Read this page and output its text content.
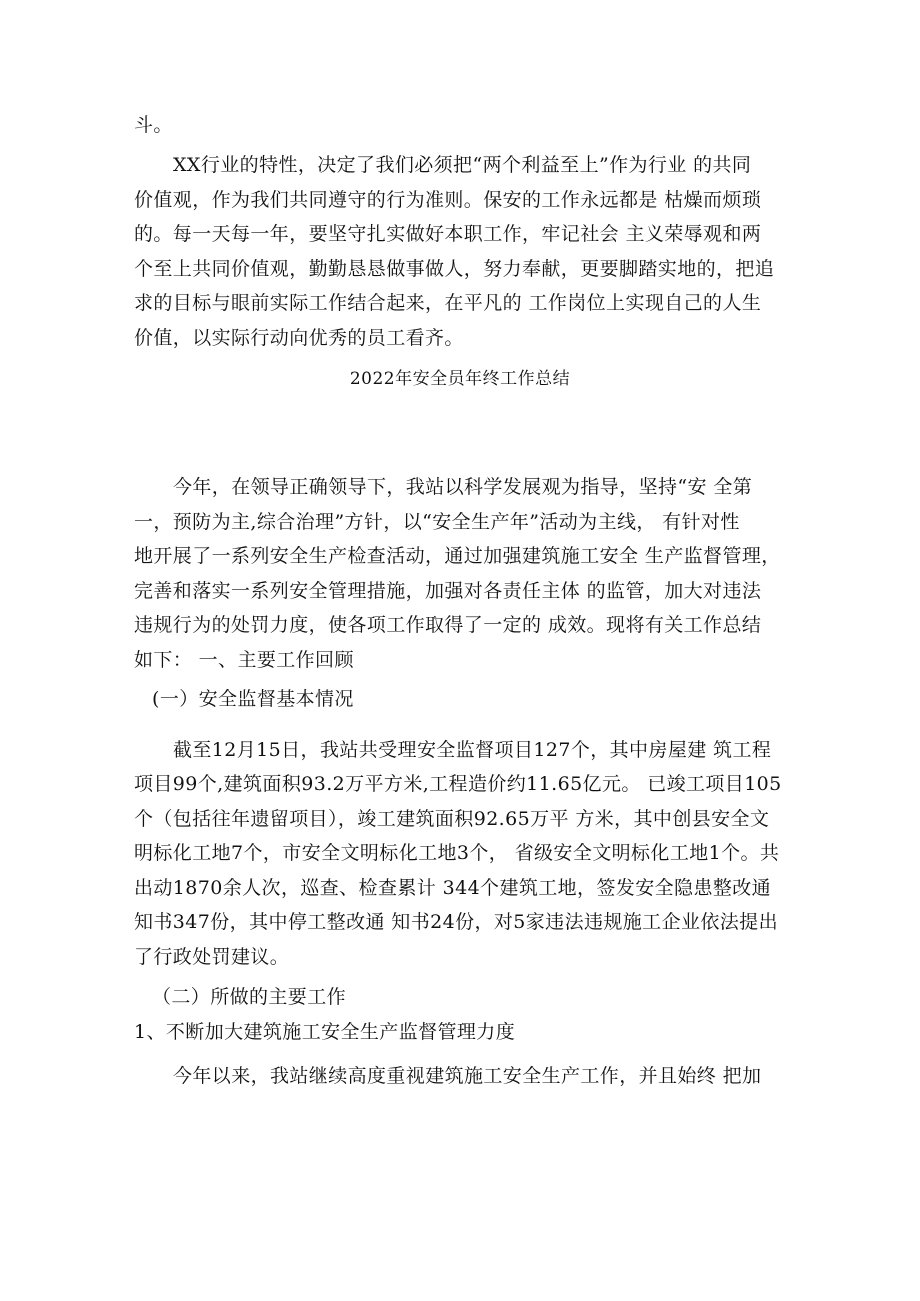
斗。
XX行业的特性，决定了我们必须把“两个利益至上”作为行业 的共同
价值观，作为我们共同遵守的行为准则。保安的工作永远都是 枯燥而烦琐
的。每一天每一年，要坚守扎实做好本职工作，牢记社会 主义荣辱观和两
个至上共同价值观，勤勤恳恳做事做人，努力奉献，更要脚踏实地的，把追
求的目标与眼前实际工作结合起来，在平凡的 工作岗位上实现自己的人生
价值，以实际行动向优秀的员工看齐。
2022年安全员年终工作总结
今年，在领导正确领导下，我站以科学发展观为指导，坚持“安 全第
一，预防为主,综合治理”方针，以“安全生产年”活动为主线， 有针对性
地开展了一系列安全生产检查活动，通过加强建筑施工安全 生产监督管理，
完善和落实一系列安全管理措施，加强对各责任主体 的监管，加大对违法
违规行为的处罚力度，使各项工作取得了一定的 成效。现将有关工作总结
如下： 一、主要工作回顾
(一）安全监督基本情况
截至12月15日，我站共受理安全监督项目127个，其中房屋建 筑工程
项目99个,建筑面积93.2万平方米,工程造价约11.65亿元。 已竣工项目105
个（包括往年遗留项目），竣工建筑面积92.65万平 方米，其中创县安全文
明标化工地7个，市安全文明标化工地3个， 省级安全文明标化工地1个。共
出动1870余人次，巡查、检查累计 344个建筑工地，签发安全隐患整改通
知书347份，其中停工整改通 知书24份，对5家违法违规施工企业依法提出
了行政处罚建议。
（二）所做的主要工作
1、不断加大建筑施工安全生产监督管理力度
今年以来，我站继续高度重视建筑施工安全生产工作，并且始终 把加
